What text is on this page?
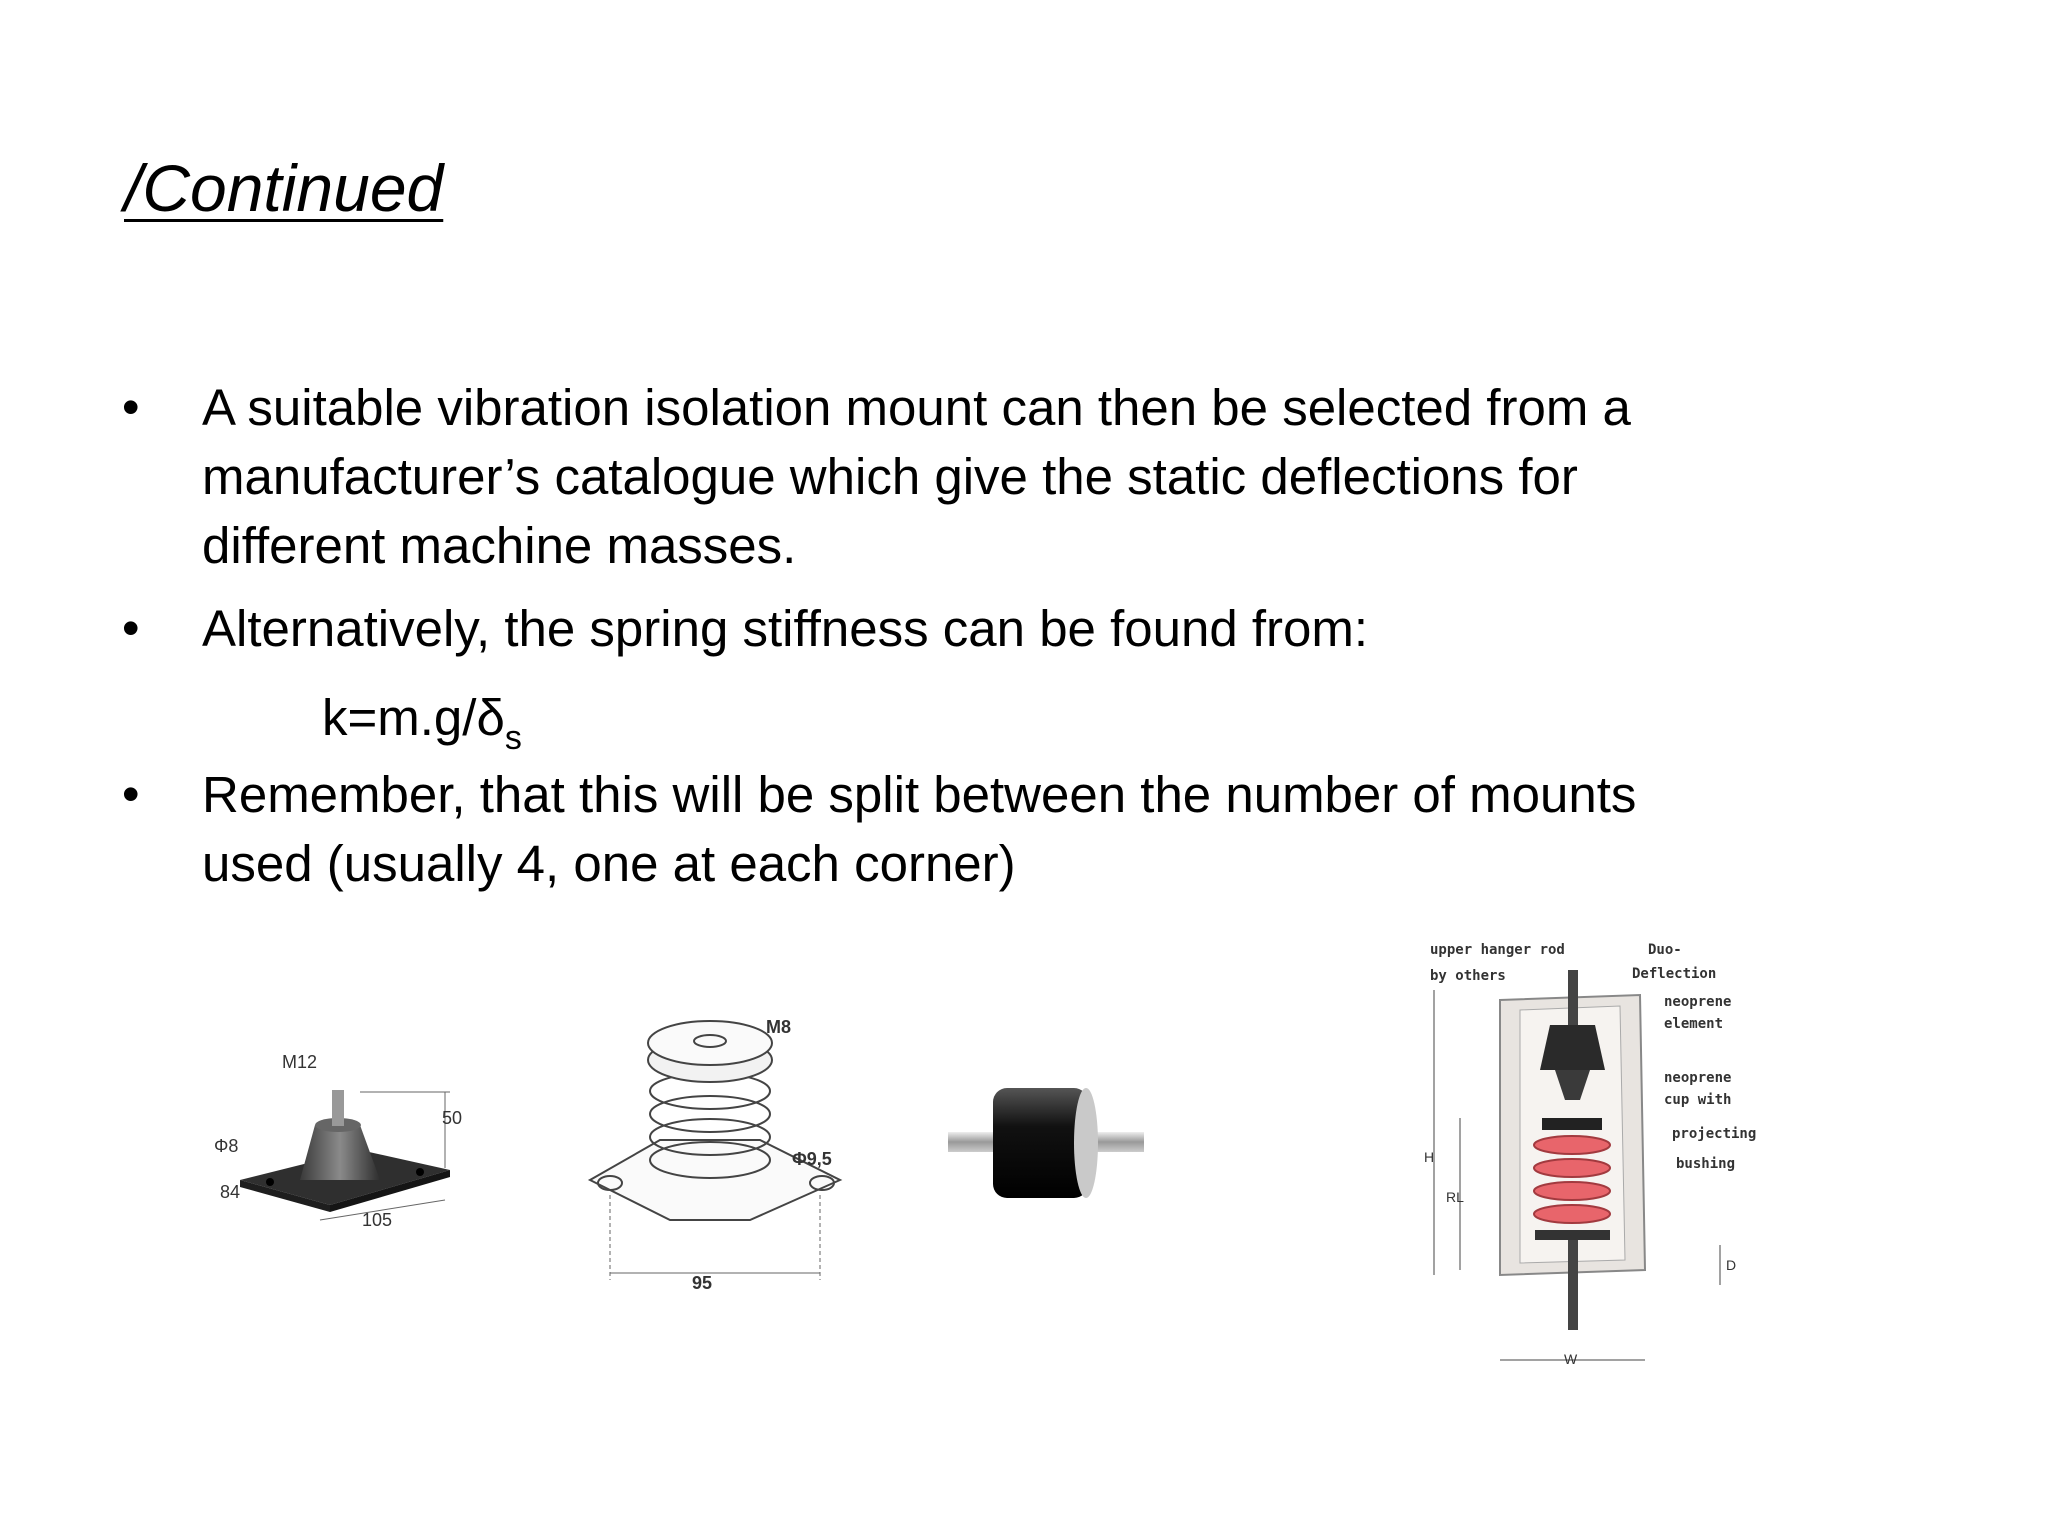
/Continued
• A suitable vibration isolation mount can then be selected from a
manufacturer’s catalogue which give the static deflections for
different machine masses.
• Alternatively, the spring stiffness can be found from:
$k=m.g/\delta_s$
• Remember, that this will be split between the number of mounts
used (usually 4, one at each corner)
M12
Φ8
50
84
105
M8
Φ9,5
95
upper hanger rod
by others
Duo-
Deflection
neoprene
element
neoprene
cup with
projecting
bushing
H
RL
D
W
